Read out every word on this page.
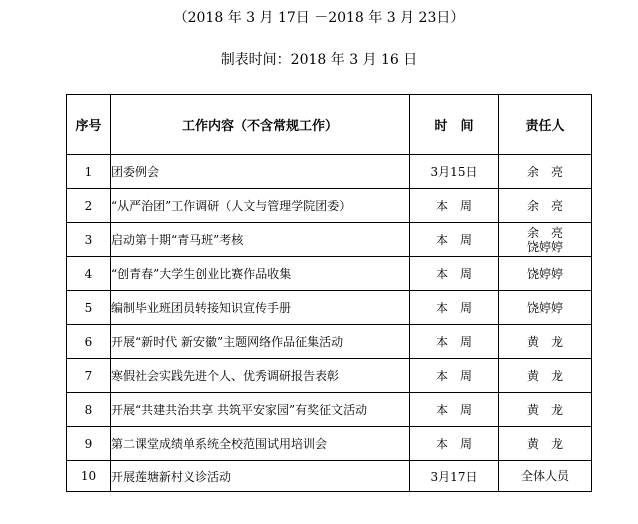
（2018 年 3 月 17日 －2018 年 3 月 23日）
制表时间：2018 年 3 月 16 日
序号	工作内容（不含常规工作）	时　间	责任人
1	团委例会	3月15日	余　亮

2	“从严治团”工作调研（人文与管理学院团委）	本　周	余　亮

3	启动第十期“青马班”考核	本　周	余　亮
饶婷婷

4	“创青春”大学生创业比赛作品收集	本　周	饶婷婷

5	编制毕业班团员转接知识宣传手册	本　周	饶婷婷

6	开展“新时代 新安徽”主题网络作品征集活动	本　周	黄　龙

7	寒假社会实践先进个人、优秀调研报告表彰	本　周	黄　龙

8	开展“共建共治共享 共筑平安家园”有奖征文活动	本　周	黄　龙

9	第二课堂成绩单系统全校范围试用培训会	本　周	黄　龙

10	开展莲塘新村义诊活动	3月17日	全体人员
